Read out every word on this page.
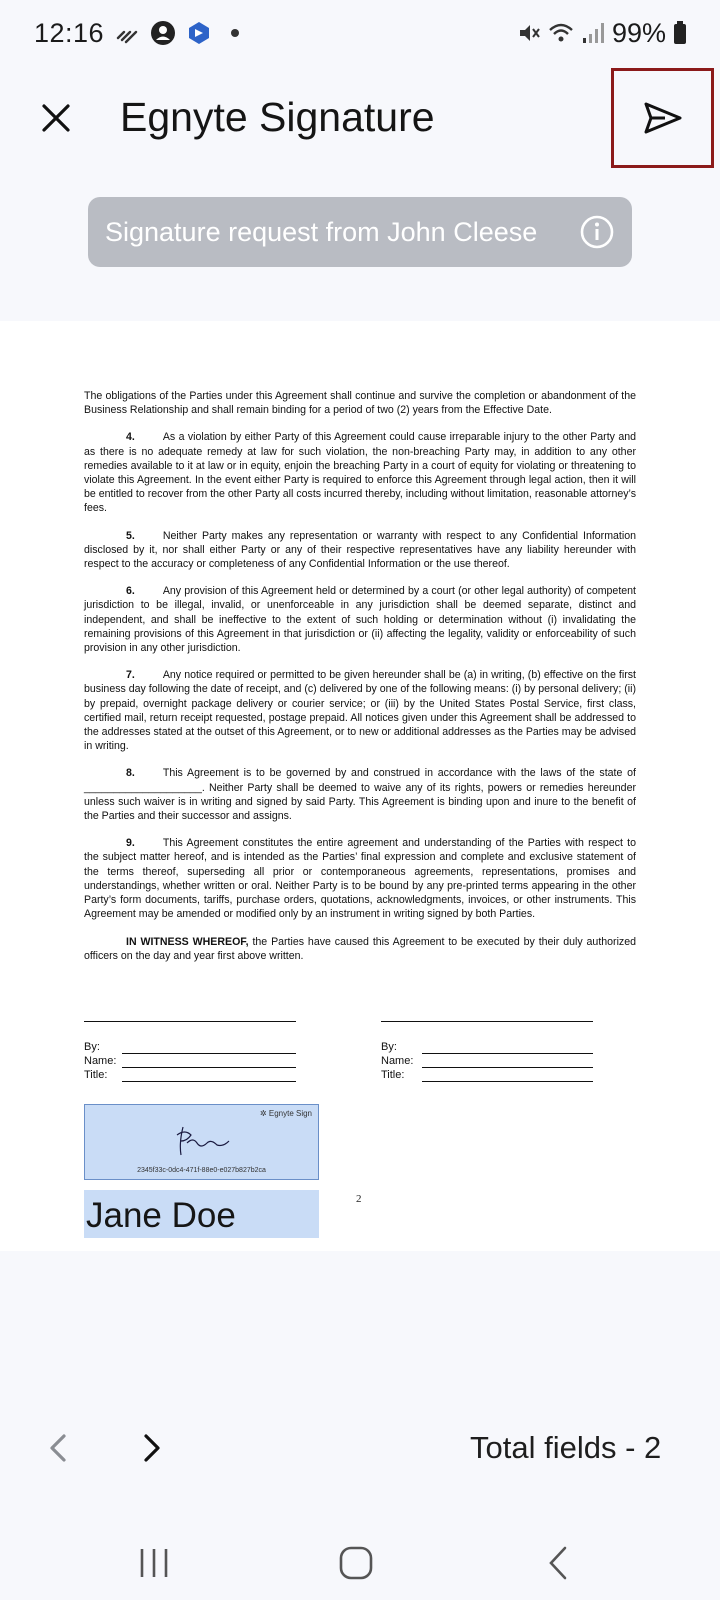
12:16	99%
Egnyte Signature
Signature request from John Cleese

The obligations of the Parties under this Agreement shall continue and survive the completion or abandonment of the Business Relationship and shall remain binding for a period of two (2) years from the Effective Date.

4.	As a violation by either Party of this Agreement could cause irreparable injury to the other Party and as there is no adequate remedy at law for such violation, the non-breaching Party may, in addition to any other remedies available to it at law or in equity, enjoin the breaching Party in a court of equity for violating or threatening to violate this Agreement. In the event either Party is required to enforce this Agreement through legal action, then it will be entitled to recover from the other Party all costs incurred thereby, including without limitation, reasonable attorney’s fees.

5.	Neither Party makes any representation or warranty with respect to any Confidential Information disclosed by it, nor shall either Party or any of their respective representatives have any liability hereunder with respect to the accuracy or completeness of any Confidential Information or the use thereof.

6.	Any provision of this Agreement held or determined by a court (or other legal authority) of competent jurisdiction to be illegal, invalid, or unenforceable in any jurisdiction shall be deemed separate, distinct and independent, and shall be ineffective to the extent of such holding or determination without (i) invalidating the remaining provisions of this Agreement in that jurisdiction or (ii) affecting the legality, validity or enforceability of such provision in any other jurisdiction.

7.	Any notice required or permitted to be given hereunder shall be (a) in writing, (b) effective on the first business day following the date of receipt, and (c) delivered by one of the following means: (i) by personal delivery; (ii) by prepaid, overnight package delivery or courier service; or (iii) by the United States Postal Service, first class, certified mail, return receipt requested, postage prepaid. All notices given under this Agreement shall be addressed to the addresses stated at the outset of this Agreement, or to new or additional addresses as the Parties may be advised in writing.

8.	This Agreement is to be governed by and construed in accordance with the laws of the state of ____________________. Neither Party shall be deemed to waive any of its rights, powers or remedies hereunder unless such waiver is in writing and signed by said Party. This Agreement is binding upon and inure to the benefit of the Parties and their successor and assigns.

9.	This Agreement constitutes the entire agreement and understanding of the Parties with respect to the subject matter hereof, and is intended as the Parties’ final expression and complete and exclusive statement of the terms thereof, superseding all prior or contemporaneous agreements, representations, promises and understandings, whether written or oral. Neither Party is to be bound by any pre-printed terms appearing in the other Party’s form documents, tariffs, purchase orders, quotations, acknowledgments, invoices, or other instruments. This Agreement may be amended or modified only by an instrument in writing signed by both Parties.

IN WITNESS WHEREOF, the Parties have caused this Agreement to be executed by their duly authorized officers on the day and year first above written.

By:
Name:
Title:
By:
Name:
Title:
✲ Egnyte Sign
2345f33c-0dc4-471f-88e0-e027b827b2ca
Jane Doe	2
Total fields - 2
